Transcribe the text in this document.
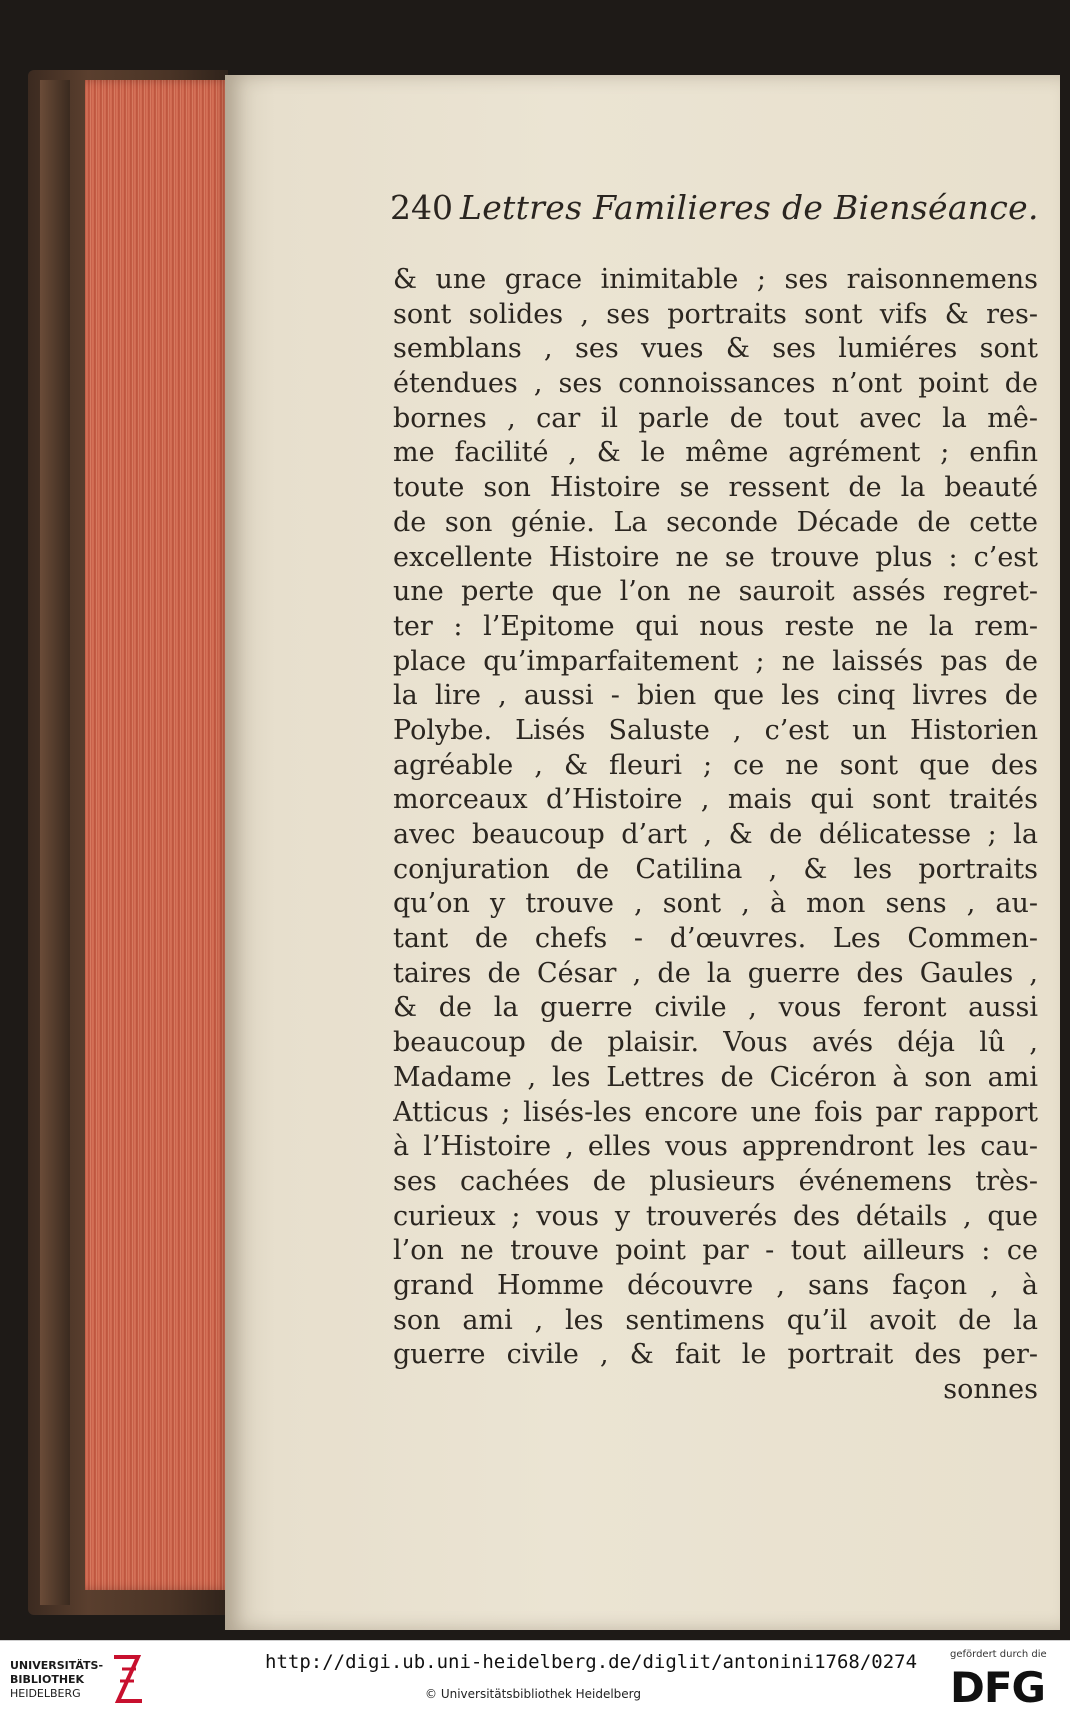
240 Lettres Familieres de Bienséance.
& une grace inimitable ; ses raisonnemens
sont solides , ses portraits sont vifs & res-
semblans , ses vues & ses lumiéres sont
étendues , ses connoissances n’ont point de
bornes , car il parle de tout avec la mê-
me facilité , & le même agrément ; enfin
toute son Histoire se ressent de la beauté
de son génie. La seconde Décade de cette
excellente Histoire ne se trouve plus : c’est
une perte que l’on ne sauroit assés regret-
ter : l’Epitome qui nous reste ne la rem-
place qu’imparfaitement ; ne laissés pas de
la lire , aussi - bien que les cinq livres de
Polybe. Lisés Saluste , c’est un Historien
agréable , & fleuri ; ce ne sont que des
morceaux d’Histoire , mais qui sont traités
avec beaucoup d’art , & de délicatesse ; la
conjuration de Catilina , & les portraits
qu’on y trouve , sont , à mon sens , au-
tant de chefs - d’œuvres. Les Commen-
taires de César , de la guerre des Gaules ,
& de la guerre civile , vous feront aussi
beaucoup de plaisir. Vous avés déja lû ,
Madame , les Lettres de Cicéron à son ami
Atticus ; lisés-les encore une fois par rapport
à l’Histoire , elles vous apprendront les cau-
ses cachées de plusieurs événemens très-
curieux ; vous y trouverés des détails , que
l’on ne trouve point par - tout ailleurs : ce
grand Homme découvre , sans façon , à
son ami , les sentimens qu’il avoit de la
guerre civile , & fait le portrait des per-
sonnes
UNIVERSITÄTS-
BIBLIOTHEK
HEIDELBERG
http://digi.ub.uni-heidelberg.de/diglit/antonini1768/0274
© Universitätsbibliothek Heidelberg
gefördert durch die
DFG
